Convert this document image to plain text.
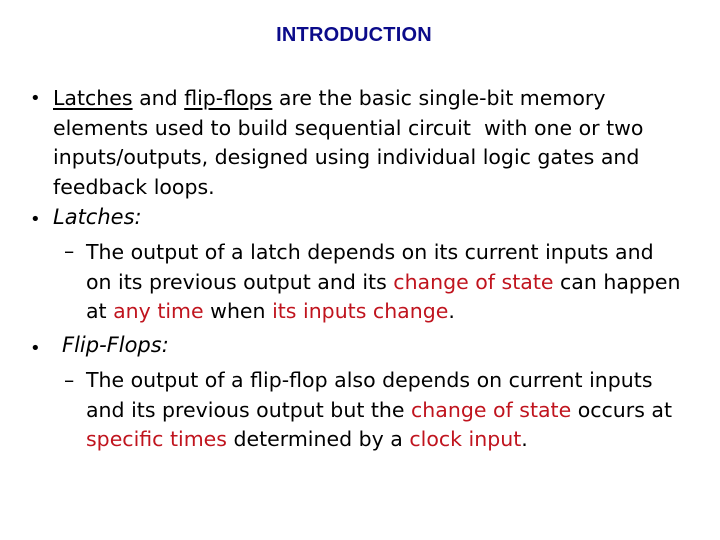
INTRODUCTION
• Latches and flip-flops are the basic single-bit memory
elements used to build sequential circuit  with one or two
inputs/outputs, designed using individual logic gates and
feedback loops.
• Latches:
– The output of a latch depends on its current inputs and
on its previous output and its change of state can happen
at any time when its inputs change.
• Flip-Flops:
– The output of a flip-flop also depends on current inputs
and its previous output but the change of state occurs at
specific times determined by a clock input.
